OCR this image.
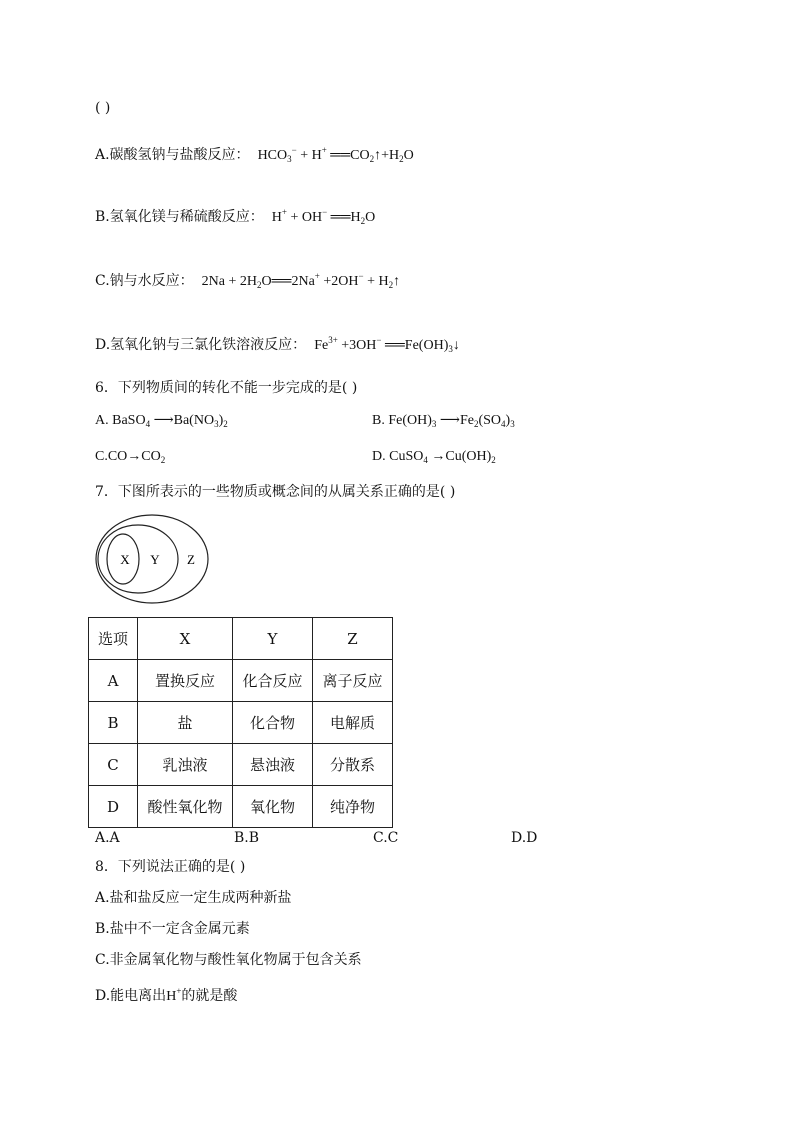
( )
A.碳酸氢钠与盐酸反应： $HCO_3^- + H^+$ $══CO_2↑+H_2O$
B.氢氧化镁与稀硫酸反应： H+ + OH− $══H_2O$
C.钠与水反应： $2Na + 2H_2O══2Na^+ +2OH^-$ + $H_2↑$
D.氢氧化钠与三氯化铁溶液反应： $Fe^{3+} +3OH^-$ $══Fe(OH)_3↓$
6．下列物质间的转化不能一步完成的是( )
A. BaSO$_4$ $⟶Ba(NO_3)_2$	B. $Fe(OH)_3$ $⟶Fe_2(SO_4)_3$
$C.CO\to CO_2$	D. CuSO$_4$ $\to Cu(OH)_2$
7．下图所表示的一些物质或概念间的从属关系正确的是( )
X Y Z
选项	X	Y	Z
A	置换反应	化合反应	离子反应
B	盐	化合物	电解质
C	乳浊液	悬浊液	分散系
D	酸性氧化物	氧化物	纯净物
A.A	B.B	C.C	D.D
8．下列说法正确的是( )
A.盐和盐反应一定生成两种新盐
B.盐中不一定含金属元素
C.非金属氧化物与酸性氧化物属于包含关系
D.能电离出H+的就是酸
